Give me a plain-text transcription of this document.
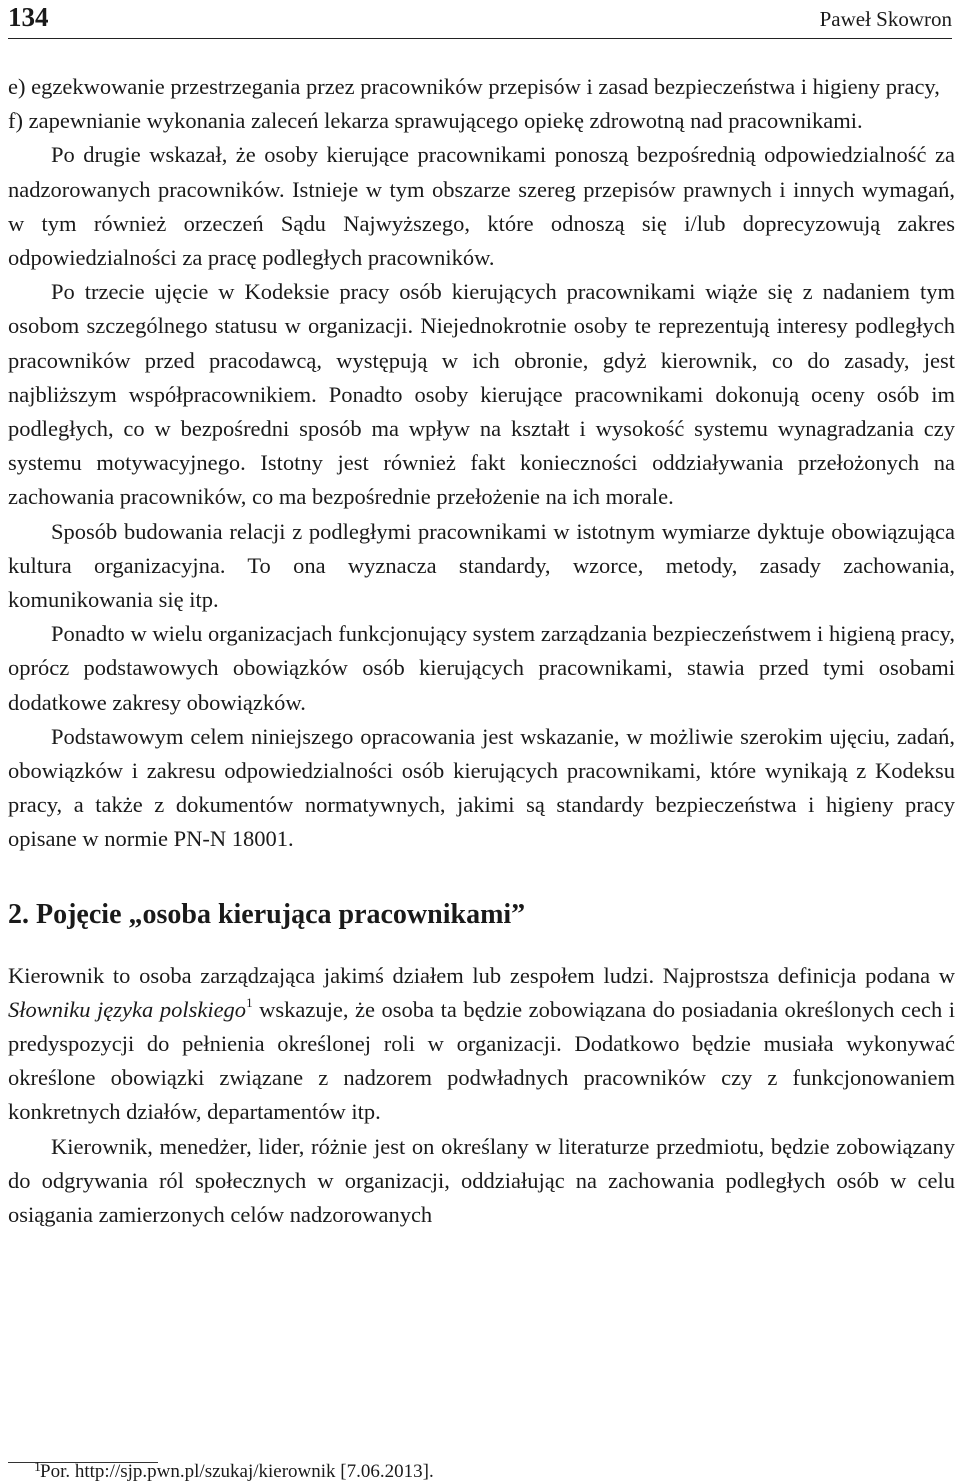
134	Paweł Skowron

e) egzekwowanie przestrzegania przez pracowników przepisów i zasad bezpieczeństwa i higieny pracy,

f) zapewnianie wykonania zaleceń lekarza sprawującego opiekę zdrowotną nad pracownikami.

Po drugie wskazał, że osoby kierujące pracownikami ponoszą bezpośrednią odpowiedzialność za nadzorowanych pracowników. Istnieje w tym obszarze szereg przepisów prawnych i innych wymagań, w tym również orzeczeń Sądu Najwyższego, które odnoszą się i/lub doprecyzowują zakres odpowiedzialności za pracę podległych pracowników.

Po trzecie ujęcie w Kodeksie pracy osób kierujących pracownikami wiąże się z nadaniem tym osobom szczególnego statusu w organizacji. Niejednokrotnie osoby te reprezentują interesy podległych pracowników przed pracodawcą, występują w ich obronie, gdyż kierownik, co do zasady, jest najbliższym współpracownikiem. Ponadto osoby kierujące pracownikami dokonują oceny osób im podległych, co w bezpośredni sposób ma wpływ na kształt i wysokość systemu wynagradzania czy systemu motywacyjnego. Istotny jest również fakt konieczności oddziaływania przełożonych na zachowania pracowników, co ma bezpośrednie przełożenie na ich morale.

Sposób budowania relacji z podległymi pracownikami w istotnym wymiarze dyktuje obowiązująca kultura organizacyjna. To ona wyznacza standardy, wzorce, metody, zasady zachowania, komunikowania się itp.

Ponadto w wielu organizacjach funkcjonujący system zarządzania bezpieczeństwem i higieną pracy, oprócz podstawowych obowiązków osób kierujących pracownikami, stawia przed tymi osobami dodatkowe zakresy obowiązków.

Podstawowym celem niniejszego opracowania jest wskazanie, w możliwie szerokim ujęciu, zadań, obowiązków i zakresu odpowiedzialności osób kierujących pracownikami, które wynikają z Kodeksu pracy, a także z dokumentów normatywnych, jakimi są standardy bezpieczeństwa i higieny pracy opisane w normie PN-N 18001.

2. Pojęcie „osoba kierująca pracownikami”

Kierownik to osoba zarządzająca jakimś działem lub zespołem ludzi. Najprostsza definicja podana w Słowniku języka polskiego$^1$ wskazuje, że osoba ta będzie zobowiązana do posiadania określonych cech i predyspozycji do pełnienia określonej roli w organizacji. Dodatkowo będzie musiała wykonywać określone obowiązki związane z nadzorem podwładnych pracowników czy z funkcjonowaniem konkretnych działów, departamentów itp.

Kierownik, menedżer, lider, różnie jest on określany w literaturze przedmiotu, będzie zobowiązany do odgrywania ról społecznych w organizacji, oddziałując na zachowania podległych osób w celu osiągania zamierzonych celów nadzorowanych

1 Por. http://sjp.pwn.pl/szukaj/kierownik [7.06.2013].
